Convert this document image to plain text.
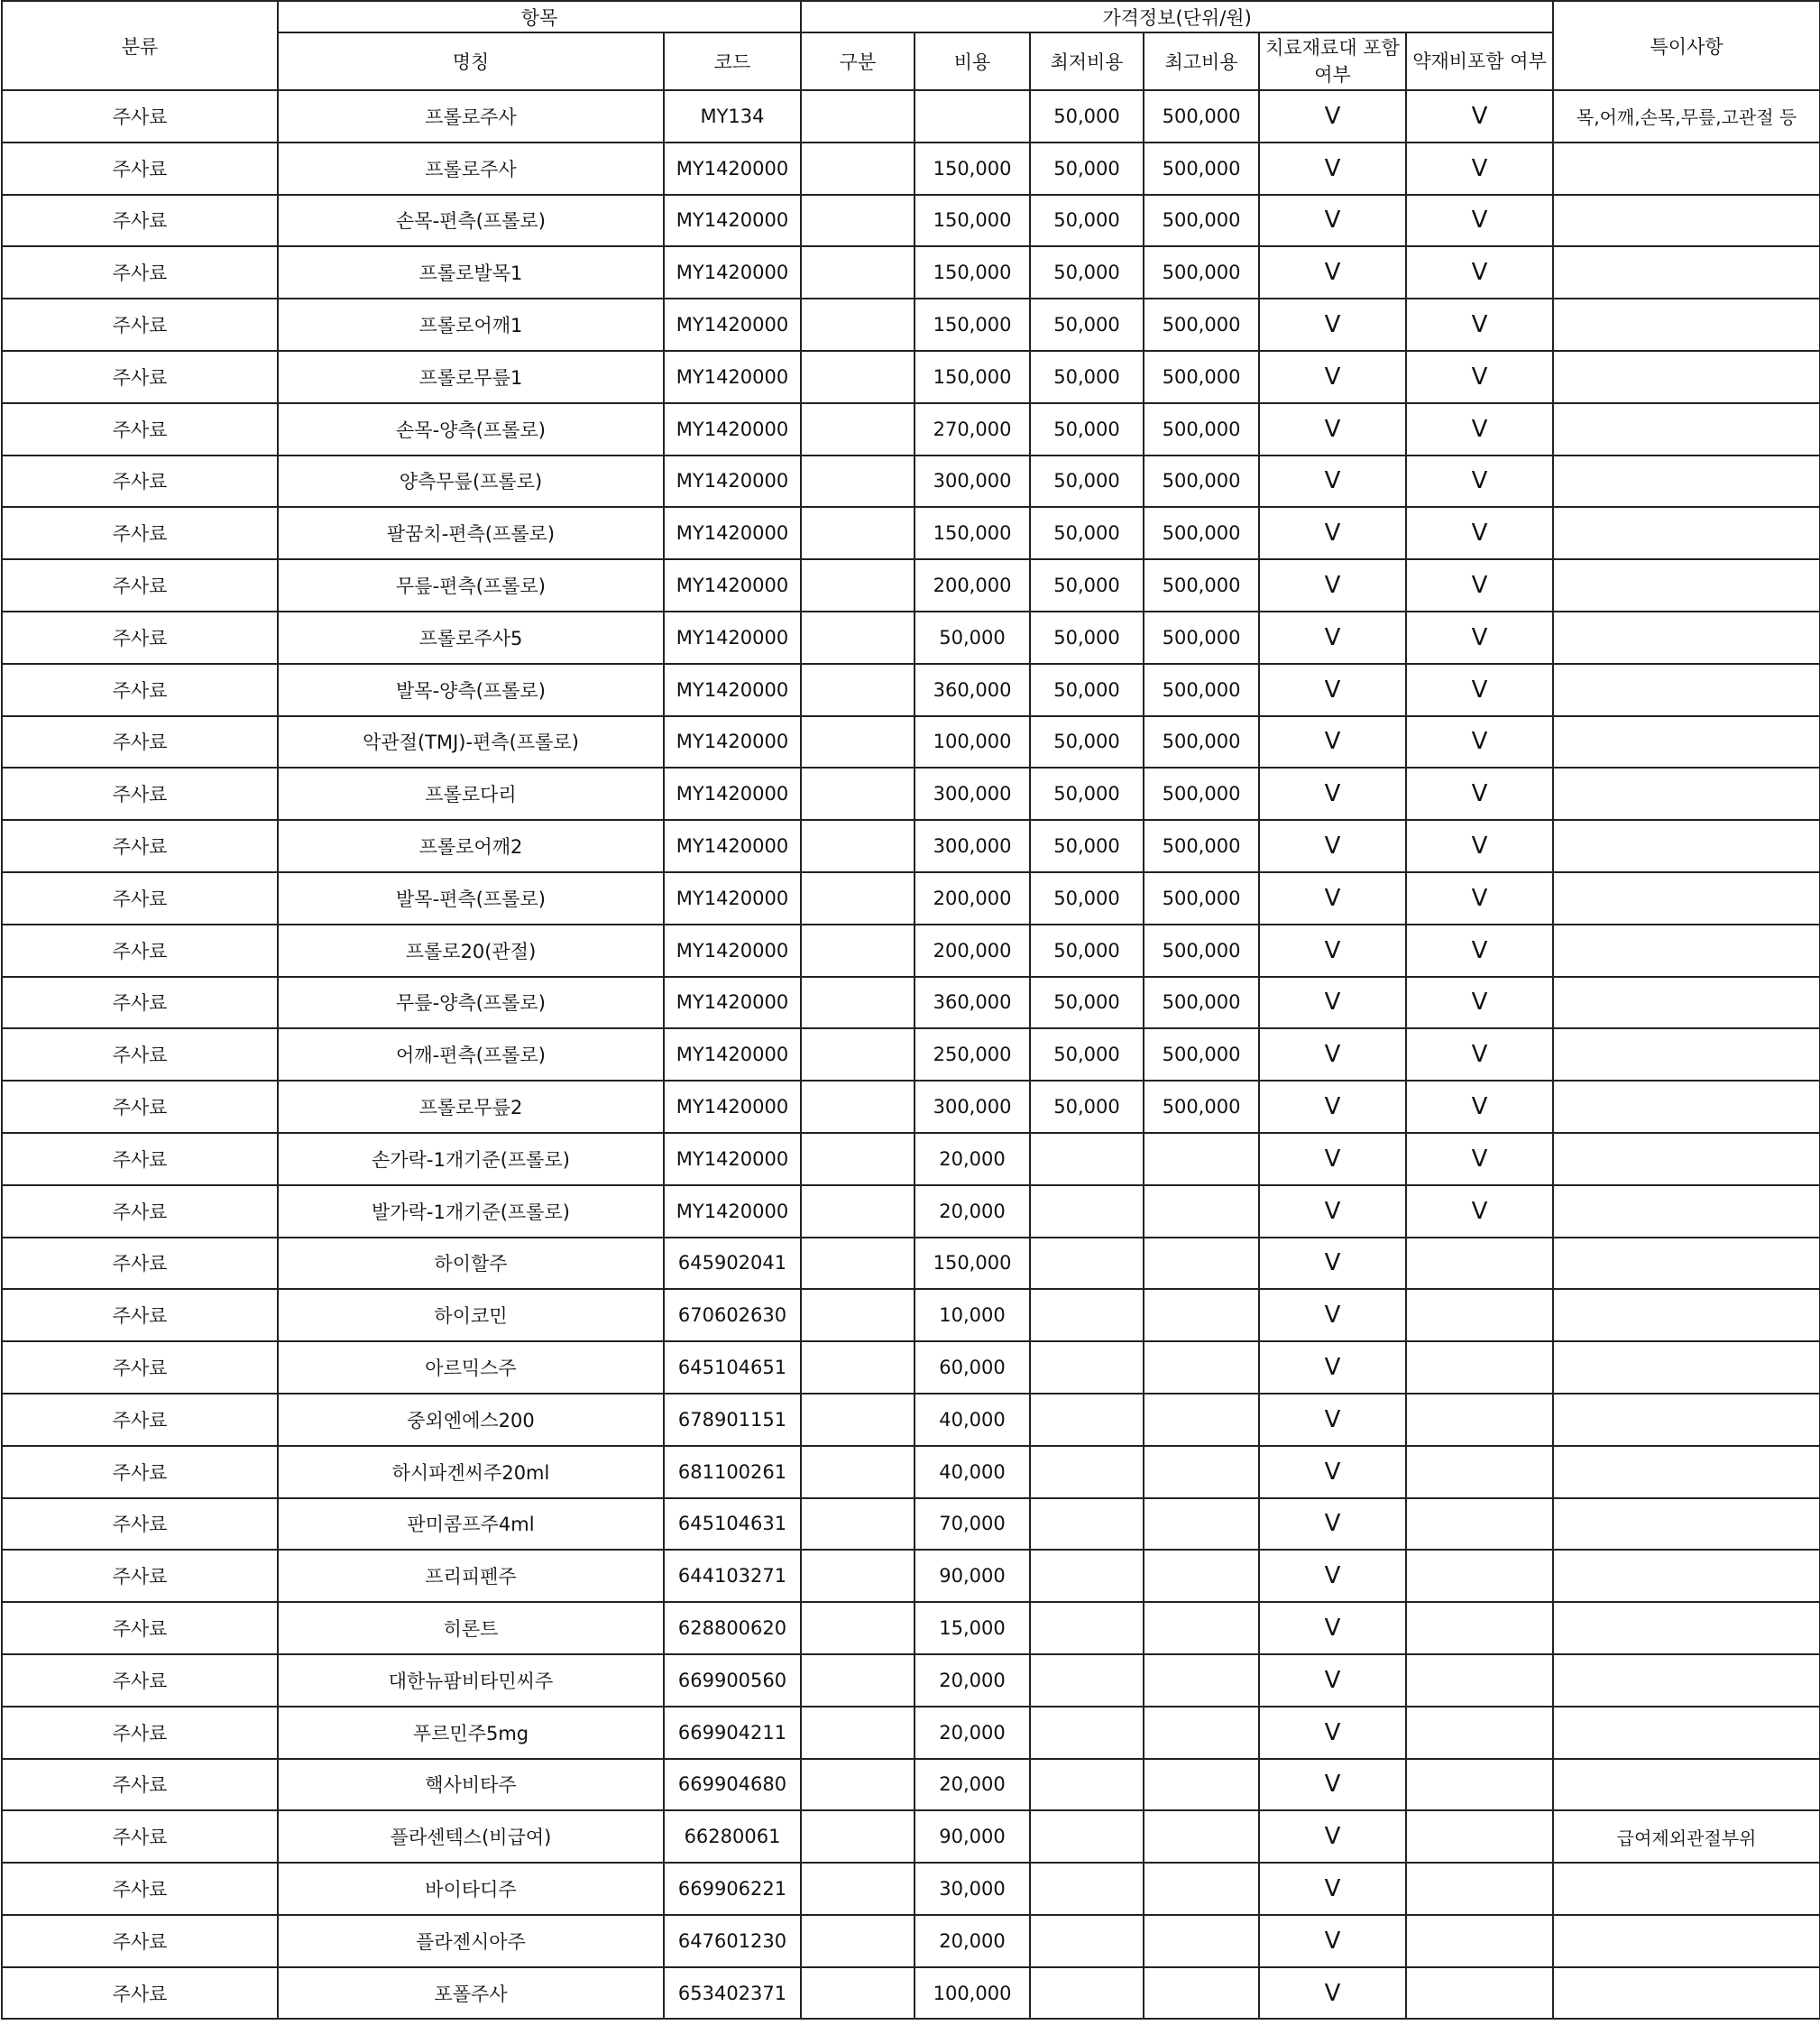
분류	항목		가격정보(단위/원)						특이사항
	명칭	코드	구분	비용	최저비용	최고비용	치료재료대 포함여부	약재비포함 여부	
주사료	프롤로주사	MY134			50,000	500,000	V	V	목,어깨,손목,무릎,고관절 등
주사료	프롤로주사	MY1420000		150,000	50,000	500,000	V	V	
주사료	손목-편측(프롤로)	MY1420000		150,000	50,000	500,000	V	V	
주사료	프롤로발목1	MY1420000		150,000	50,000	500,000	V	V	
주사료	프롤로어깨1	MY1420000		150,000	50,000	500,000	V	V	
주사료	프롤로무릎1	MY1420000		150,000	50,000	500,000	V	V	
주사료	손목-양측(프롤로)	MY1420000		270,000	50,000	500,000	V	V	
주사료	양측무릎(프롤로)	MY1420000		300,000	50,000	500,000	V	V	
주사료	팔꿈치-편측(프롤로)	MY1420000		150,000	50,000	500,000	V	V	
주사료	무릎-편측(프롤로)	MY1420000		200,000	50,000	500,000	V	V	
주사료	프롤로주사5	MY1420000		50,000	50,000	500,000	V	V	
주사료	발목-양측(프롤로)	MY1420000		360,000	50,000	500,000	V	V	
주사료	악관절(TMJ)-편측(프롤로)	MY1420000		100,000	50,000	500,000	V	V	
주사료	프롤로다리	MY1420000		300,000	50,000	500,000	V	V	
주사료	프롤로어깨2	MY1420000		300,000	50,000	500,000	V	V	
주사료	발목-편측(프롤로)	MY1420000		200,000	50,000	500,000	V	V	
주사료	프롤로20(관절)	MY1420000		200,000	50,000	500,000	V	V	
주사료	무릎-양측(프롤로)	MY1420000		360,000	50,000	500,000	V	V	
주사료	어깨-편측(프롤로)	MY1420000		250,000	50,000	500,000	V	V	
주사료	프롤로무릎2	MY1420000		300,000	50,000	500,000	V	V	
주사료	손가락-1개기준(프롤로)	MY1420000		20,000			V	V	
주사료	발가락-1개기준(프롤로)	MY1420000		20,000			V	V	
주사료	하이할주	645902041		150,000			V		
주사료	하이코민	670602630		10,000			V		
주사료	아르믹스주	645104651		60,000			V		
주사료	중외엔에스200	678901151		40,000			V		
주사료	하시파겐씨주20ml	681100261		40,000			V		
주사료	판미콤프주4ml	645104631		70,000			V		
주사료	프리피펜주	644103271		90,000			V		
주사료	히론트	628800620		15,000			V		
주사료	대한뉴팜비타민씨주	669900560		20,000			V		
주사료	푸르민주5mg	669904211		20,000			V		
주사료	핵사비타주	669904680		20,000			V		
주사료	플라센텍스(비급여)	66280061		90,000			V		급여제외관절부위
주사료	바이타디주	669906221		30,000			V		
주사료	플라젠시아주	647601230		20,000			V		
주사료	포폴주사	653402371		100,000			V		
